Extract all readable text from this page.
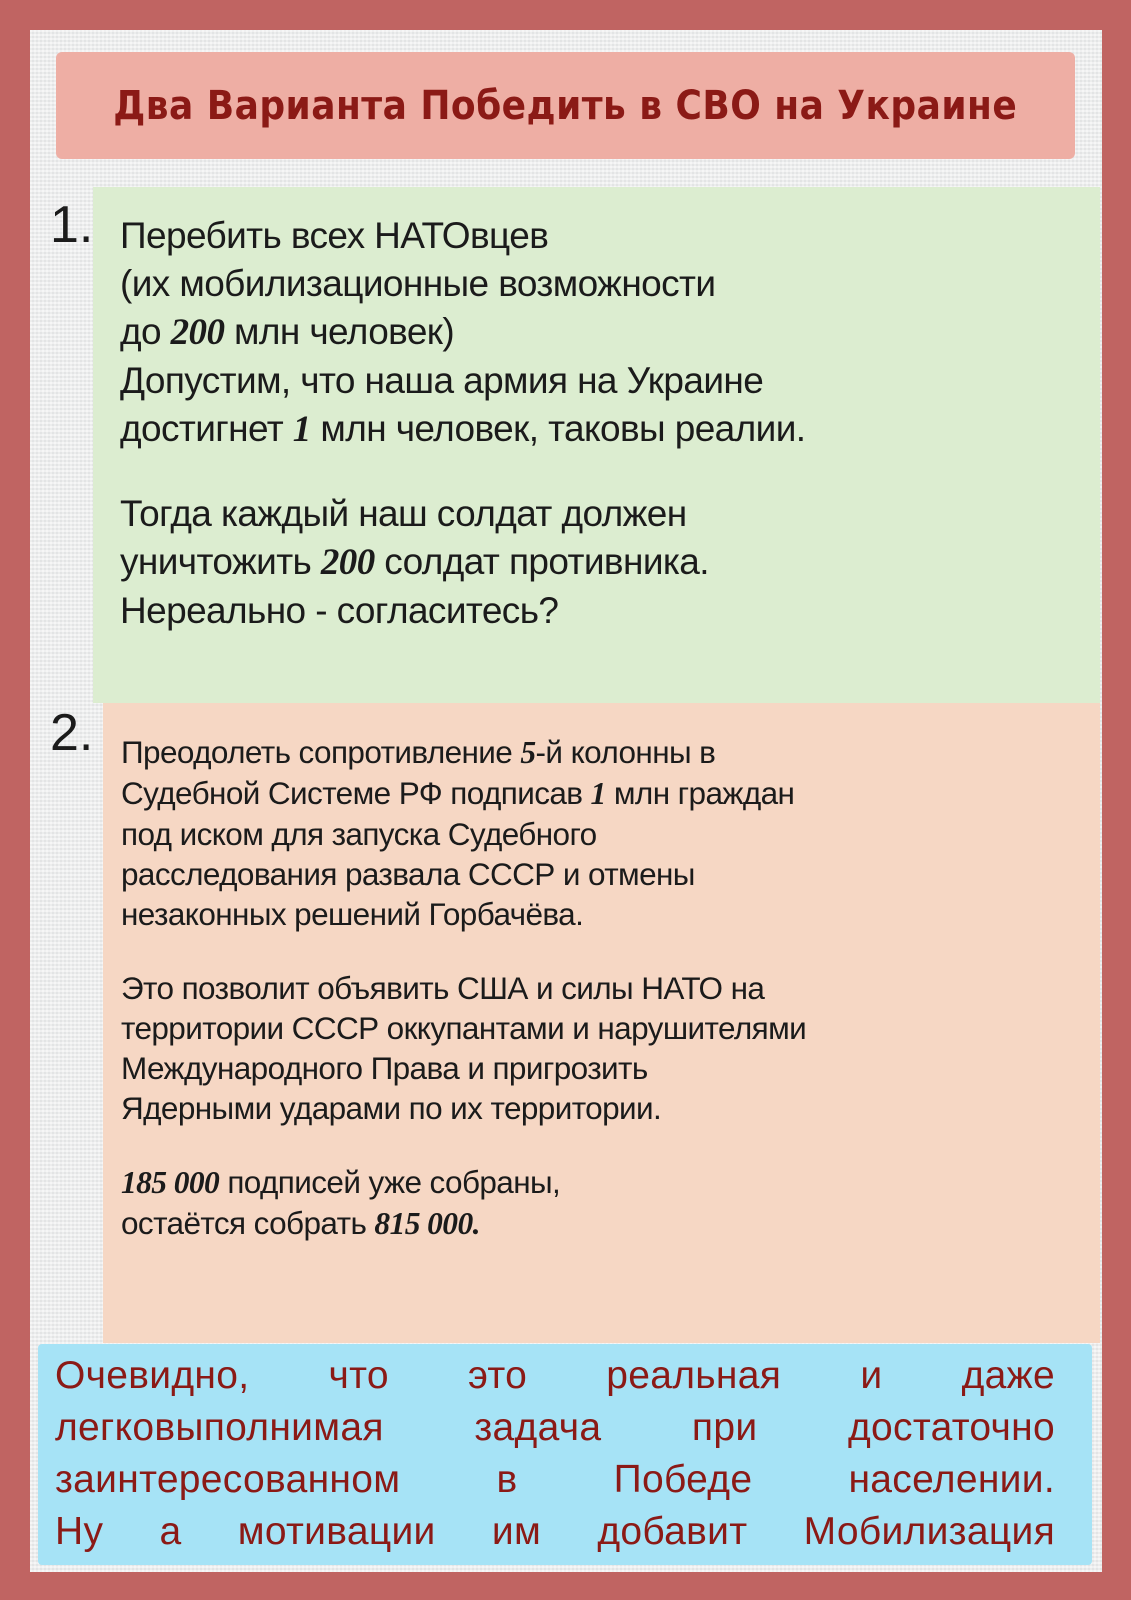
Два Варианта Победить в СВО на Украине
1. Перебить всех НАТОвцев
(их мобилизационные возможности
до 200 млн человек)
Допустим, что наша армия на Украине
достигнет 1 млн человек, таковы реалии.
Тогда каждый наш солдат должен
уничтожить 200 солдат противника.
Нереально - согласитесь?
2. Преодолеть сопротивление 5-й колонны в
Судебной Системе РФ подписав 1 млн граждан
под иском для запуска Судебного
расследования развала СССР и отмены
незаконных решений Горбачёва.
Это позволит объявить США и силы НАТО на
территории СССР оккупантами и нарушителями
Международного Права и пригрозить
Ядерными ударами по их территории.
185 000 подписей уже собраны,
остаётся собрать 815 000.
Очевидно, что это реальная и даже
легковыполнимая задача при достаточно
заинтересованном в Победе населении.
Ну а мотивации им добавит Мобилизация
